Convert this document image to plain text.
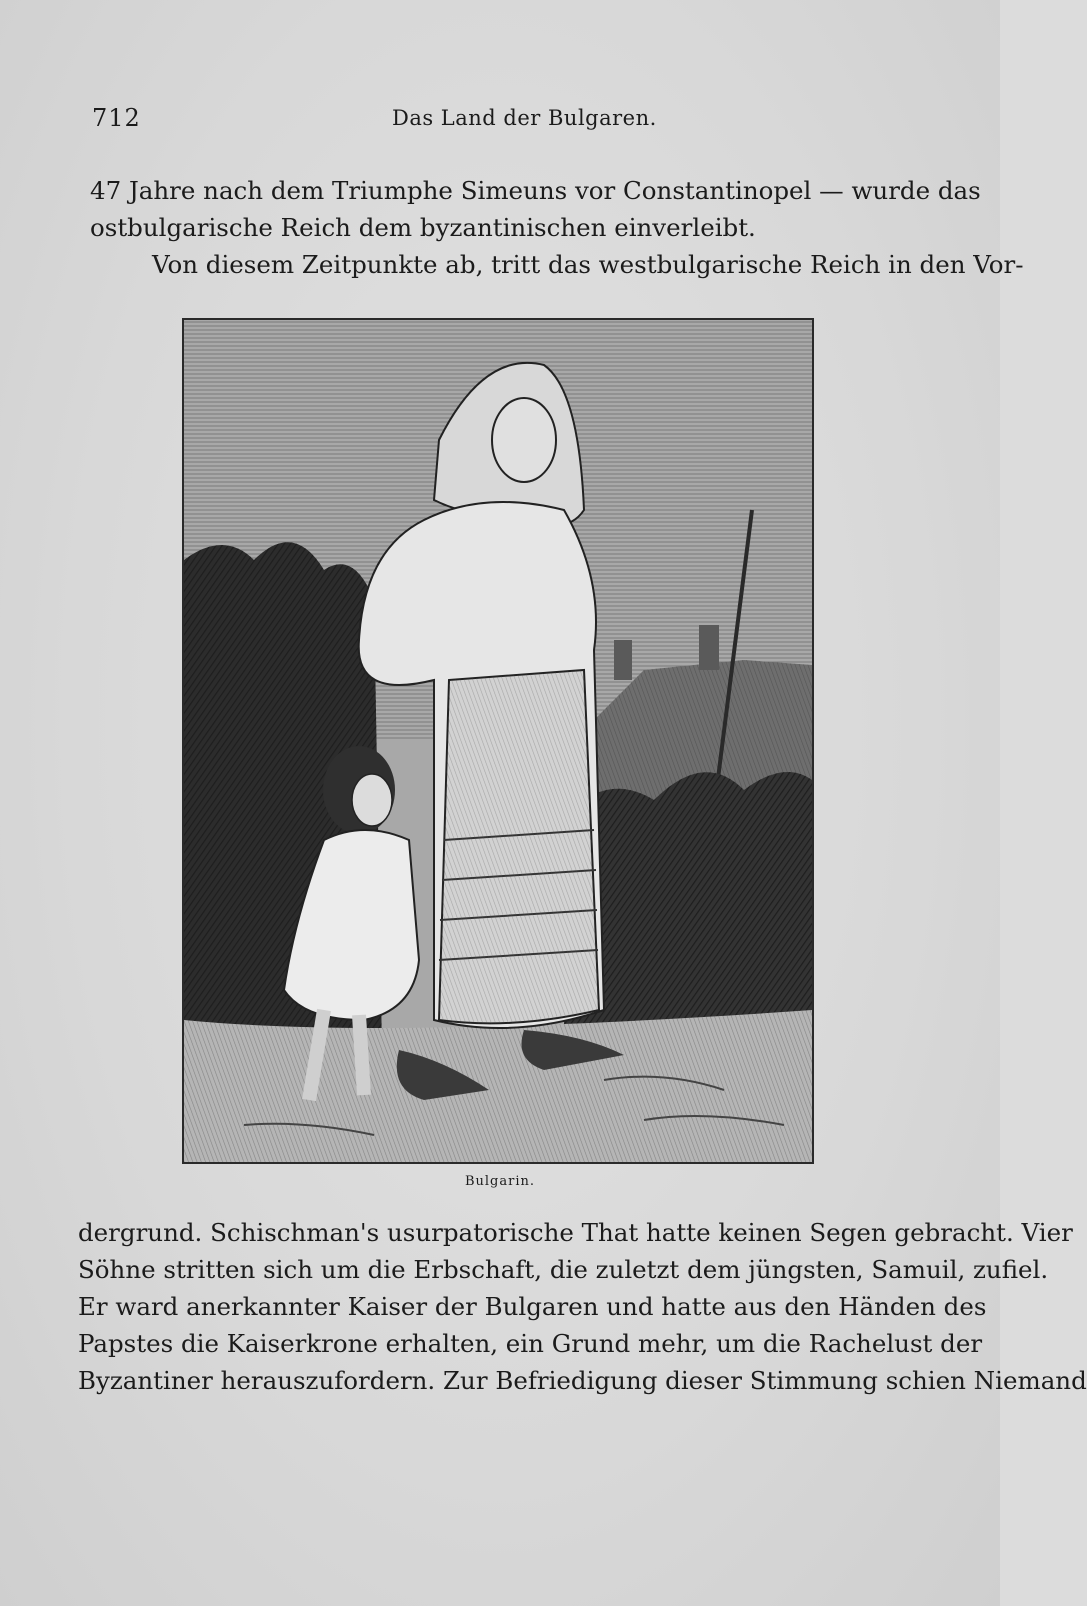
712	Das Land der Bulgaren.
47 Jahre nach dem Triumphe Simeuns vor Constantinopel — wurde das
ostbulgarische Reich dem byzantinischen einverleibt.
Von diesem Zeitpunkte ab, tritt das westbulgarische Reich in den Vor-
Bulgarin.
dergrund. Schischman's usurpatorische That hatte keinen Segen gebracht. Vier
Söhne stritten sich um die Erbschaft, die zuletzt dem jüngsten, Samuil, zufiel.
Er ward anerkannter Kaiser der Bulgaren und hatte aus den Händen des
Papstes die Kaiserkrone erhalten, ein Grund mehr, um die Rachelust der
Byzantiner herauszufordern. Zur Befriedigung dieser Stimmung schien Niemand
